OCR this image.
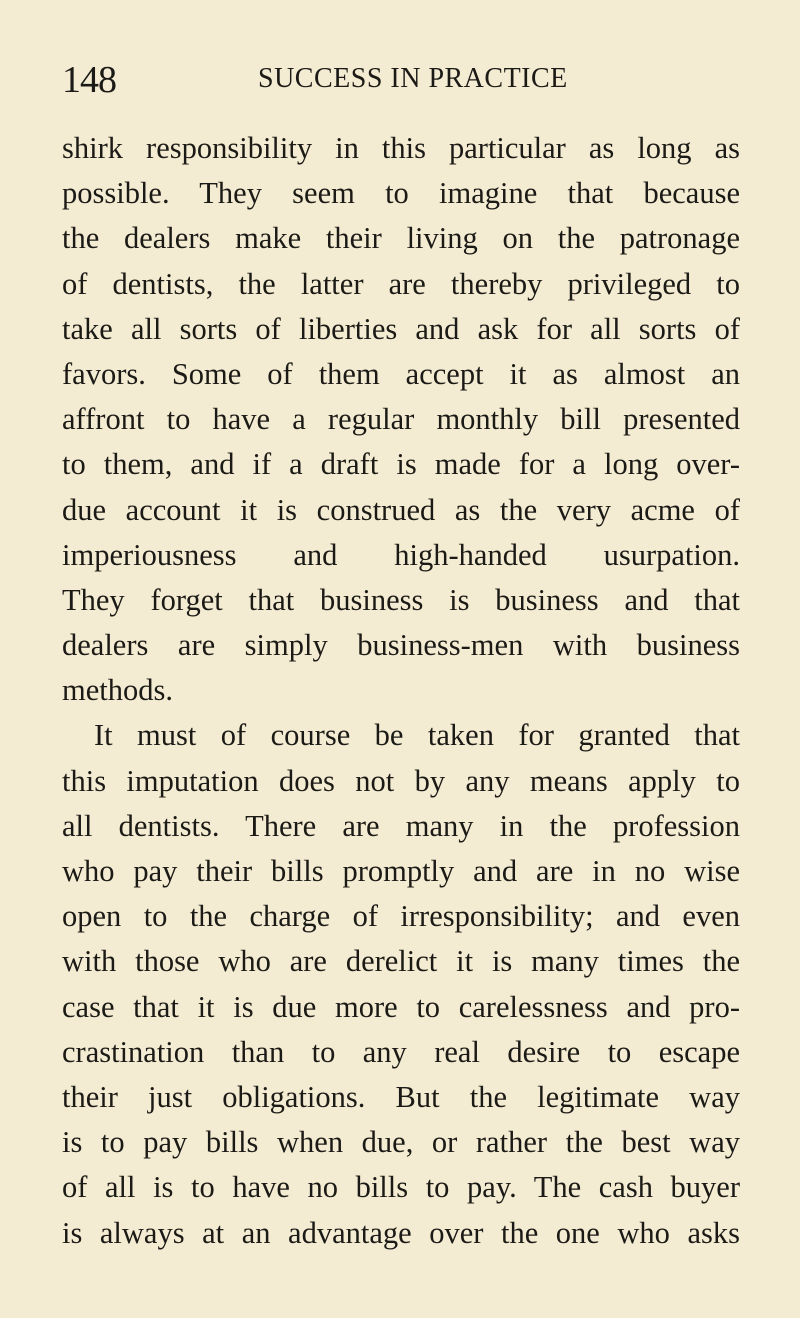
148	SUCCESS IN PRACTICE
shirk responsibility in this particular as long as
possible. They seem to imagine that because
the dealers make their living on the patronage
of dentists, the latter are thereby privileged to
take all sorts of liberties and ask for all sorts of
favors. Some of them accept it as almost an
affront to have a regular monthly bill presented
to them, and if a draft is made for a long over-
due account it is construed as the very acme of
imperiousness and high-handed usurpation.
They forget that business is business and that
dealers are simply business-men with business
methods.
It must of course be taken for granted that
this imputation does not by any means apply to
all dentists. There are many in the profession
who pay their bills promptly and are in no wise
open to the charge of irresponsibility; and even
with those who are derelict it is many times the
case that it is due more to carelessness and pro-
crastination than to any real desire to escape
their just obligations. But the legitimate way
is to pay bills when due, or rather the best way
of all is to have no bills to pay. The cash buyer
is always at an advantage over the one who asks
